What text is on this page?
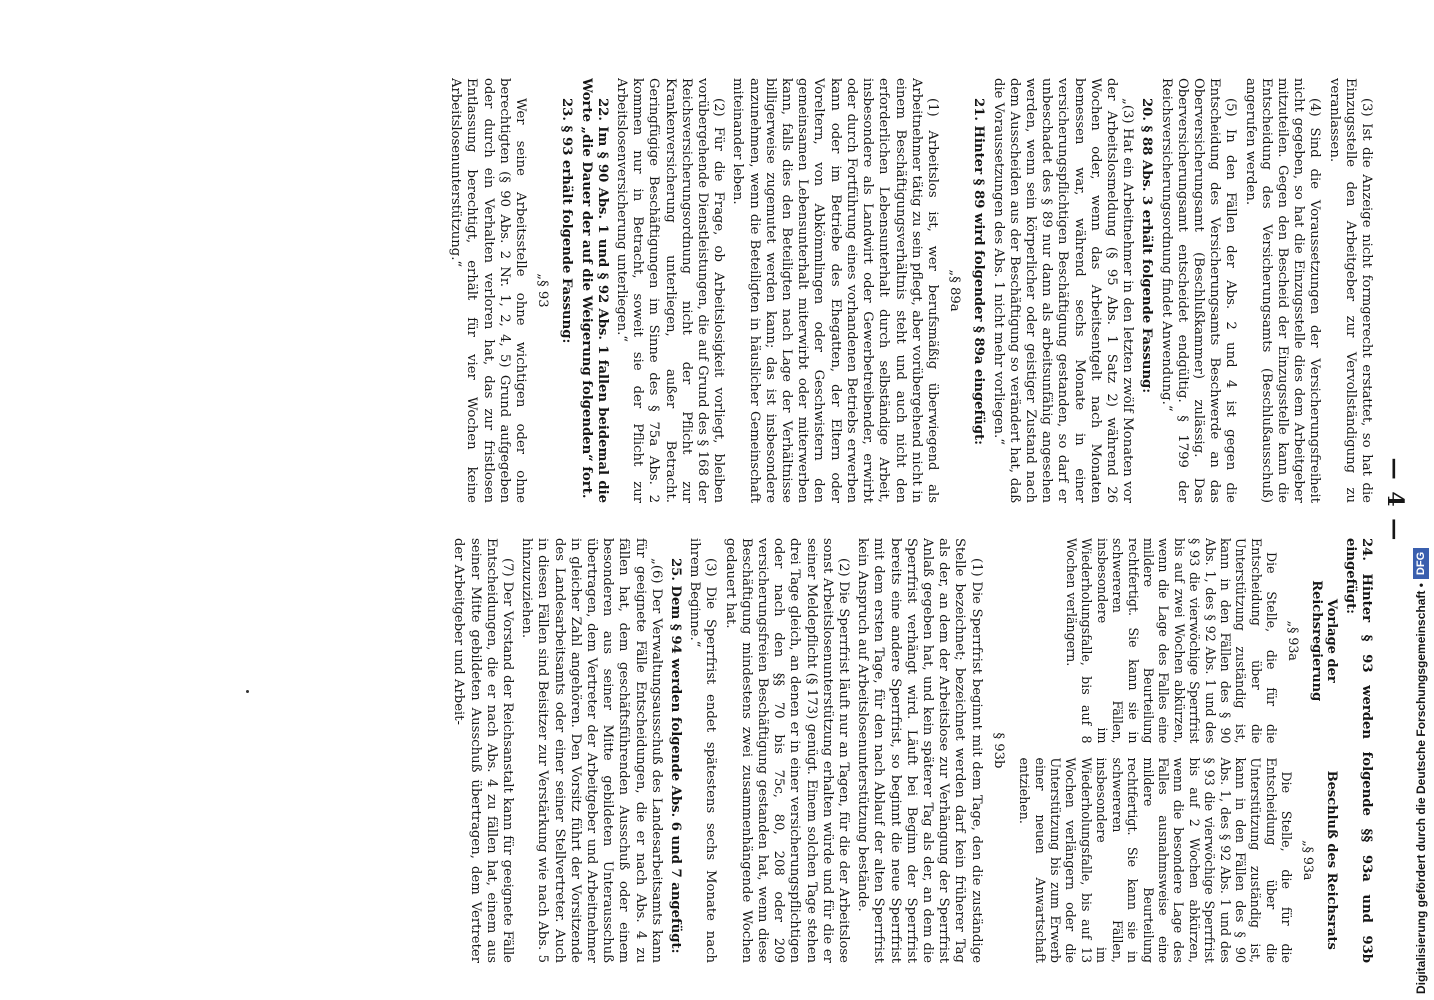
— 4 —

(3) Ist die Anzeige nicht formgerecht erstattet, so hat die Einzugsstelle den Arbeitgeber zur Vervollständigung zu veranlassen.

(4) Sind die Voraussetzungen der Versicherungsfreiheit nicht gegeben, so hat die Einzugsstelle dies dem Arbeitgeber mitzuteilen. Gegen den Bescheid der Einzugsstelle kann die Entscheidung des Versicherungsamts (Beschlußausschuß) angerufen werden.

(5) In den Fällen der Abs. 2 und 4 ist gegen die Entscheidung des Versicherungsamts Beschwerde an das Oberversicherungsamt (Beschlußkammer) zulässig. Das Oberversicherungsamt entscheidet endgültig. § 1799 der Reichsversicherungsordnung findet Anwendung.“

20. § 88 Abs. 3 erhält folgende Fassung:

„(3) Hat ein Arbeitnehmer in den letzten zwölf Monaten vor der Arbeitslosmeldung (§ 95 Abs. 1 Satz 2) während 26 Wochen oder, wenn das Arbeitsentgelt nach Monaten bemessen war, während sechs Monate in einer versicherungspflichtigen Beschäftigung gestanden, so darf er unbeschadet des § 89 nur dann als arbeitsunfähig angesehen werden, wenn sein körperlicher oder geistiger Zustand nach dem Ausscheiden aus der Beschäftigung so verändert hat, daß die Voraussetzungen des Abs. 1 nicht mehr vorliegen.“

21. Hinter § 89 wird folgender § 89a eingefügt:

„§ 89a

(1) Arbeitslos ist, wer berufsmäßig überwiegend als Arbeitnehmer tätig zu sein pflegt, aber vorübergehend nicht in einem Beschäftigungsverhältnis steht und auch nicht den erforderlichen Lebensunterhalt durch selbständige Arbeit, insbesondere als Landwirt oder Gewerbetreibender, erwirbt oder durch Fortführung eines vorhandenen Betriebs erwerben kann oder im Betriebe des Ehegatten, der Eltern oder Voreltern, von Abkömmlingen oder Geschwistern den gemeinsamen Lebensunterhalt miterwirbt oder miterwerben kann, falls dies den Beteiligten nach Lage der Verhältnisse billigerweise zugemutet werden kann; das ist insbesondere anzunehmen, wenn die Beteiligten in häuslicher Gemeinschaft miteinander leben.

(2) Für die Frage, ob Arbeitslosigkeit vorliegt, bleiben vorübergehende Dienstleistungen, die auf Grund des § 168 der Reichsversicherungsordnung nicht der Pflicht zur Krankenversicherung unterliegen, außer Betracht. Geringfügige Beschäftigungen im Sinne des § 75a Abs. 2 kommen nur in Betracht, soweit sie der Pflicht zur Arbeitslosenversicherung unterliegen.“

22. Im § 90 Abs. 1 und § 92 Abs. 1 fallen beidemal die Worte „die Dauer der auf die Weigerung folgenden“ fort.

23. § 93 erhält folgende Fassung:

„§ 93

Wer seine Arbeitsstelle ohne wichtigen oder ohne berechtigten (§ 90 Abs. 2 Nr. 1, 2, 4, 5) Grund aufgegeben oder durch ein Verhalten verloren hat, das zur fristlosen Entlassung berechtigt, erhält für vier Wochen keine Arbeitslosenunterstützung.“

24. Hinter § 93 werden folgende §§ 93a und 93b eingefügt:

Vorlage der Reichsregierung

„§ 93a

Die Stelle, die für die Entscheidung über die Unterstützung zuständig ist, kann in den Fällen des § 90 Abs. 1, des § 92 Abs. 1 und des § 93 die vierwöchige Sperrfrist bis auf zwei Wochen abkürzen, wenn die Lage des Falles eine mildere Beurteilung rechtfertigt. Sie kann sie in schwereren Fällen, insbesondere im Wiederholungsfalle, bis auf 8 Wochen verlängern.

Beschluß des Reichsrats

„§ 93a

Die Stelle, die für die Entscheidung über die Unterstützung zuständig ist, kann in den Fällen des § 90 Abs. 1, des § 92 Abs. 1 und des § 93 die vierwöchige Sperrfrist bis auf 2 Wochen abkürzen, wenn die besondere Lage des Falles ausnahmsweise eine mildere Beurteilung rechtfertigt. Sie kann sie in schwereren Fällen, insbesondere im Wiederholungsfalle, bis auf 13 Wochen verlängern oder die Unterstützung bis zum Erwerb einer neuen Anwartschaft entziehen.

§ 93b

(1) Die Sperrfrist beginnt mit dem Tage, den die zuständige Stelle bezeichnet; bezeichnet werden darf kein früherer Tag als der, an dem der Arbeitslose zur Verhängung der Sperrfrist Anlaß gegeben hat, und kein späterer Tag als der, an dem die Sperrfrist verhängt wird. Läuft bei Beginn der Sperrfrist bereits eine andere Sperrfrist, so beginnt die neue Sperrfrist mit dem ersten Tage, für den nach Ablauf der alten Sperrfrist kein Anspruch auf Arbeitslosenunterstützung bestände.

(2) Die Sperrfrist läuft nur an Tagen, für die der Arbeitslose sonst Arbeitslosenunterstützung erhalten würde und für die er seiner Meldepflicht (§ 173) genügt. Einem solchen Tage stehen drei Tage gleich, an denen er in einer versicherungspflichtigen oder nach den §§ 70 bis 75c, 80, 208 oder 209 versicherungsfreien Beschäftigung gestanden hat, wenn diese Beschäftigung mindestens zwei zusammenhängende Wochen gedauert hat.

(3) Die Sperrfrist endet spätestens sechs Monate nach ihrem Beginne.“

25. Dem § 94 werden folgende Abs. 6 und 7 angefügt:

„(6) Der Verwaltungsausschuß des Landesarbeitsamts kann für geeignete Fälle Entscheidungen, die er nach Abs. 4 zu fällen hat, dem geschäftsführenden Ausschuß oder einem besonderen aus seiner Mitte gebildeten Unterausschuß übertragen, dem Vertreter der Arbeitgeber und Arbeitnehmer in gleicher Zahl angehören. Den Vorsitz führt der Vorsitzende des Landesarbeitsamts oder einer seiner Stellvertreter. Auch in diesen Fällen sind Beisitzer zur Verstärkung wie nach Abs. 5 hinzuzuziehen.

(7) Der Vorstand der Reichsanstalt kann für geeignete Fälle Entscheidungen, die er nach Abs. 4 zu fällen hat, einem aus seiner Mitte gebildeten Ausschuß übertragen, dem Vertreter der Arbeitgeber und Arbeit-	Digitalisierung gefördert durch die Deutsche Forschungsgemeinschaft •
DFG
